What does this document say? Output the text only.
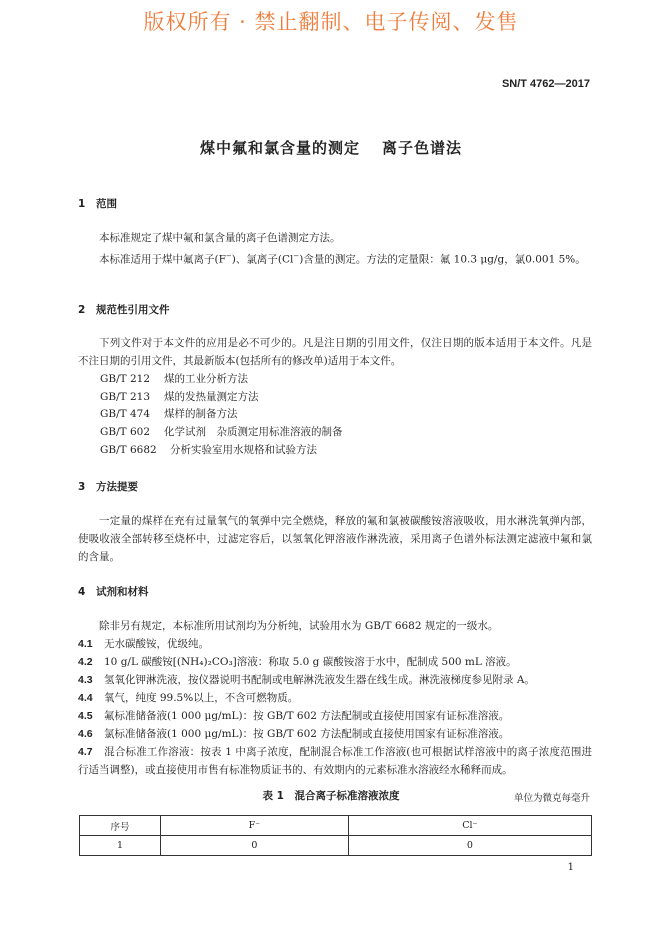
版权所有 · 禁止翻制、电子传阅、发售
SN/T 4762—2017
煤中氟和氯含量的测定 离子色谱法
1 范围
本标准规定了煤中氟和氯含量的离子色谱测定方法。
本标准适用于煤中氟离子(F−)、氯离子(Cl−)含量的测定。方法的定量限：氟 10.3 μg/g，氯0.001 5%。
2 规范性引用文件
下列文件对于本文件的应用是必不可少的。凡是注日期的引用文件，仅注日期的版本适用于本文件。凡是不注日期的引用文件，其最新版本(包括所有的修改单)适用于本文件。
GB/T 212 煤的工业分析方法
GB/T 213 煤的发热量测定方法
GB/T 474 煤样的制备方法
GB/T 602 化学试剂　杂质测定用标准溶液的制备
GB/T 6682 分析实验室用水规格和试验方法
3 方法提要
一定量的煤样在充有过量氧气的氧弹中完全燃烧，释放的氟和氯被碳酸铵溶液吸收，用水淋洗氧弹内部，使吸收液全部转移至烧杯中，过滤定容后，以氢氧化钾溶液作淋洗液，采用离子色谱外标法测定滤液中氟和氯的含量。
4 试剂和材料
除非另有规定，本标准所用试剂均为分析纯，试验用水为 GB/T 6682 规定的一级水。
4.1 无水碳酸铵，优级纯。
4.2 10 g/L 碳酸铵[(NH₄)₂CO₃]溶液：称取 5.0 g 碳酸铵溶于水中，配制成 500 mL 溶液。
4.3 氢氧化钾淋洗液，按仪器说明书配制或电解淋洗液发生器在线生成。淋洗液梯度参见附录 A。
4.4 氧气，纯度 99.5%以上，不含可燃物质。
4.5 氟标准储备液(1 000 μg/mL)：按 GB/T 602 方法配制或直接使用国家有证标准溶液。
4.6 氯标准储备液(1 000 μg/mL)：按 GB/T 602 方法配制或直接使用国家有证标准溶液。
4.7 混合标准工作溶液：按表 1 中离子浓度，配制混合标准工作溶液(也可根据试样溶液中的离子浓度范围进行适当调整)，或直接使用市售有标准物质证书的、有效期内的元素标准水溶液经水稀释而成。
表 1　混合离子标准溶液浓度	单位为微克每毫升
序号	F⁻	Cl⁻
1	0	0
1
